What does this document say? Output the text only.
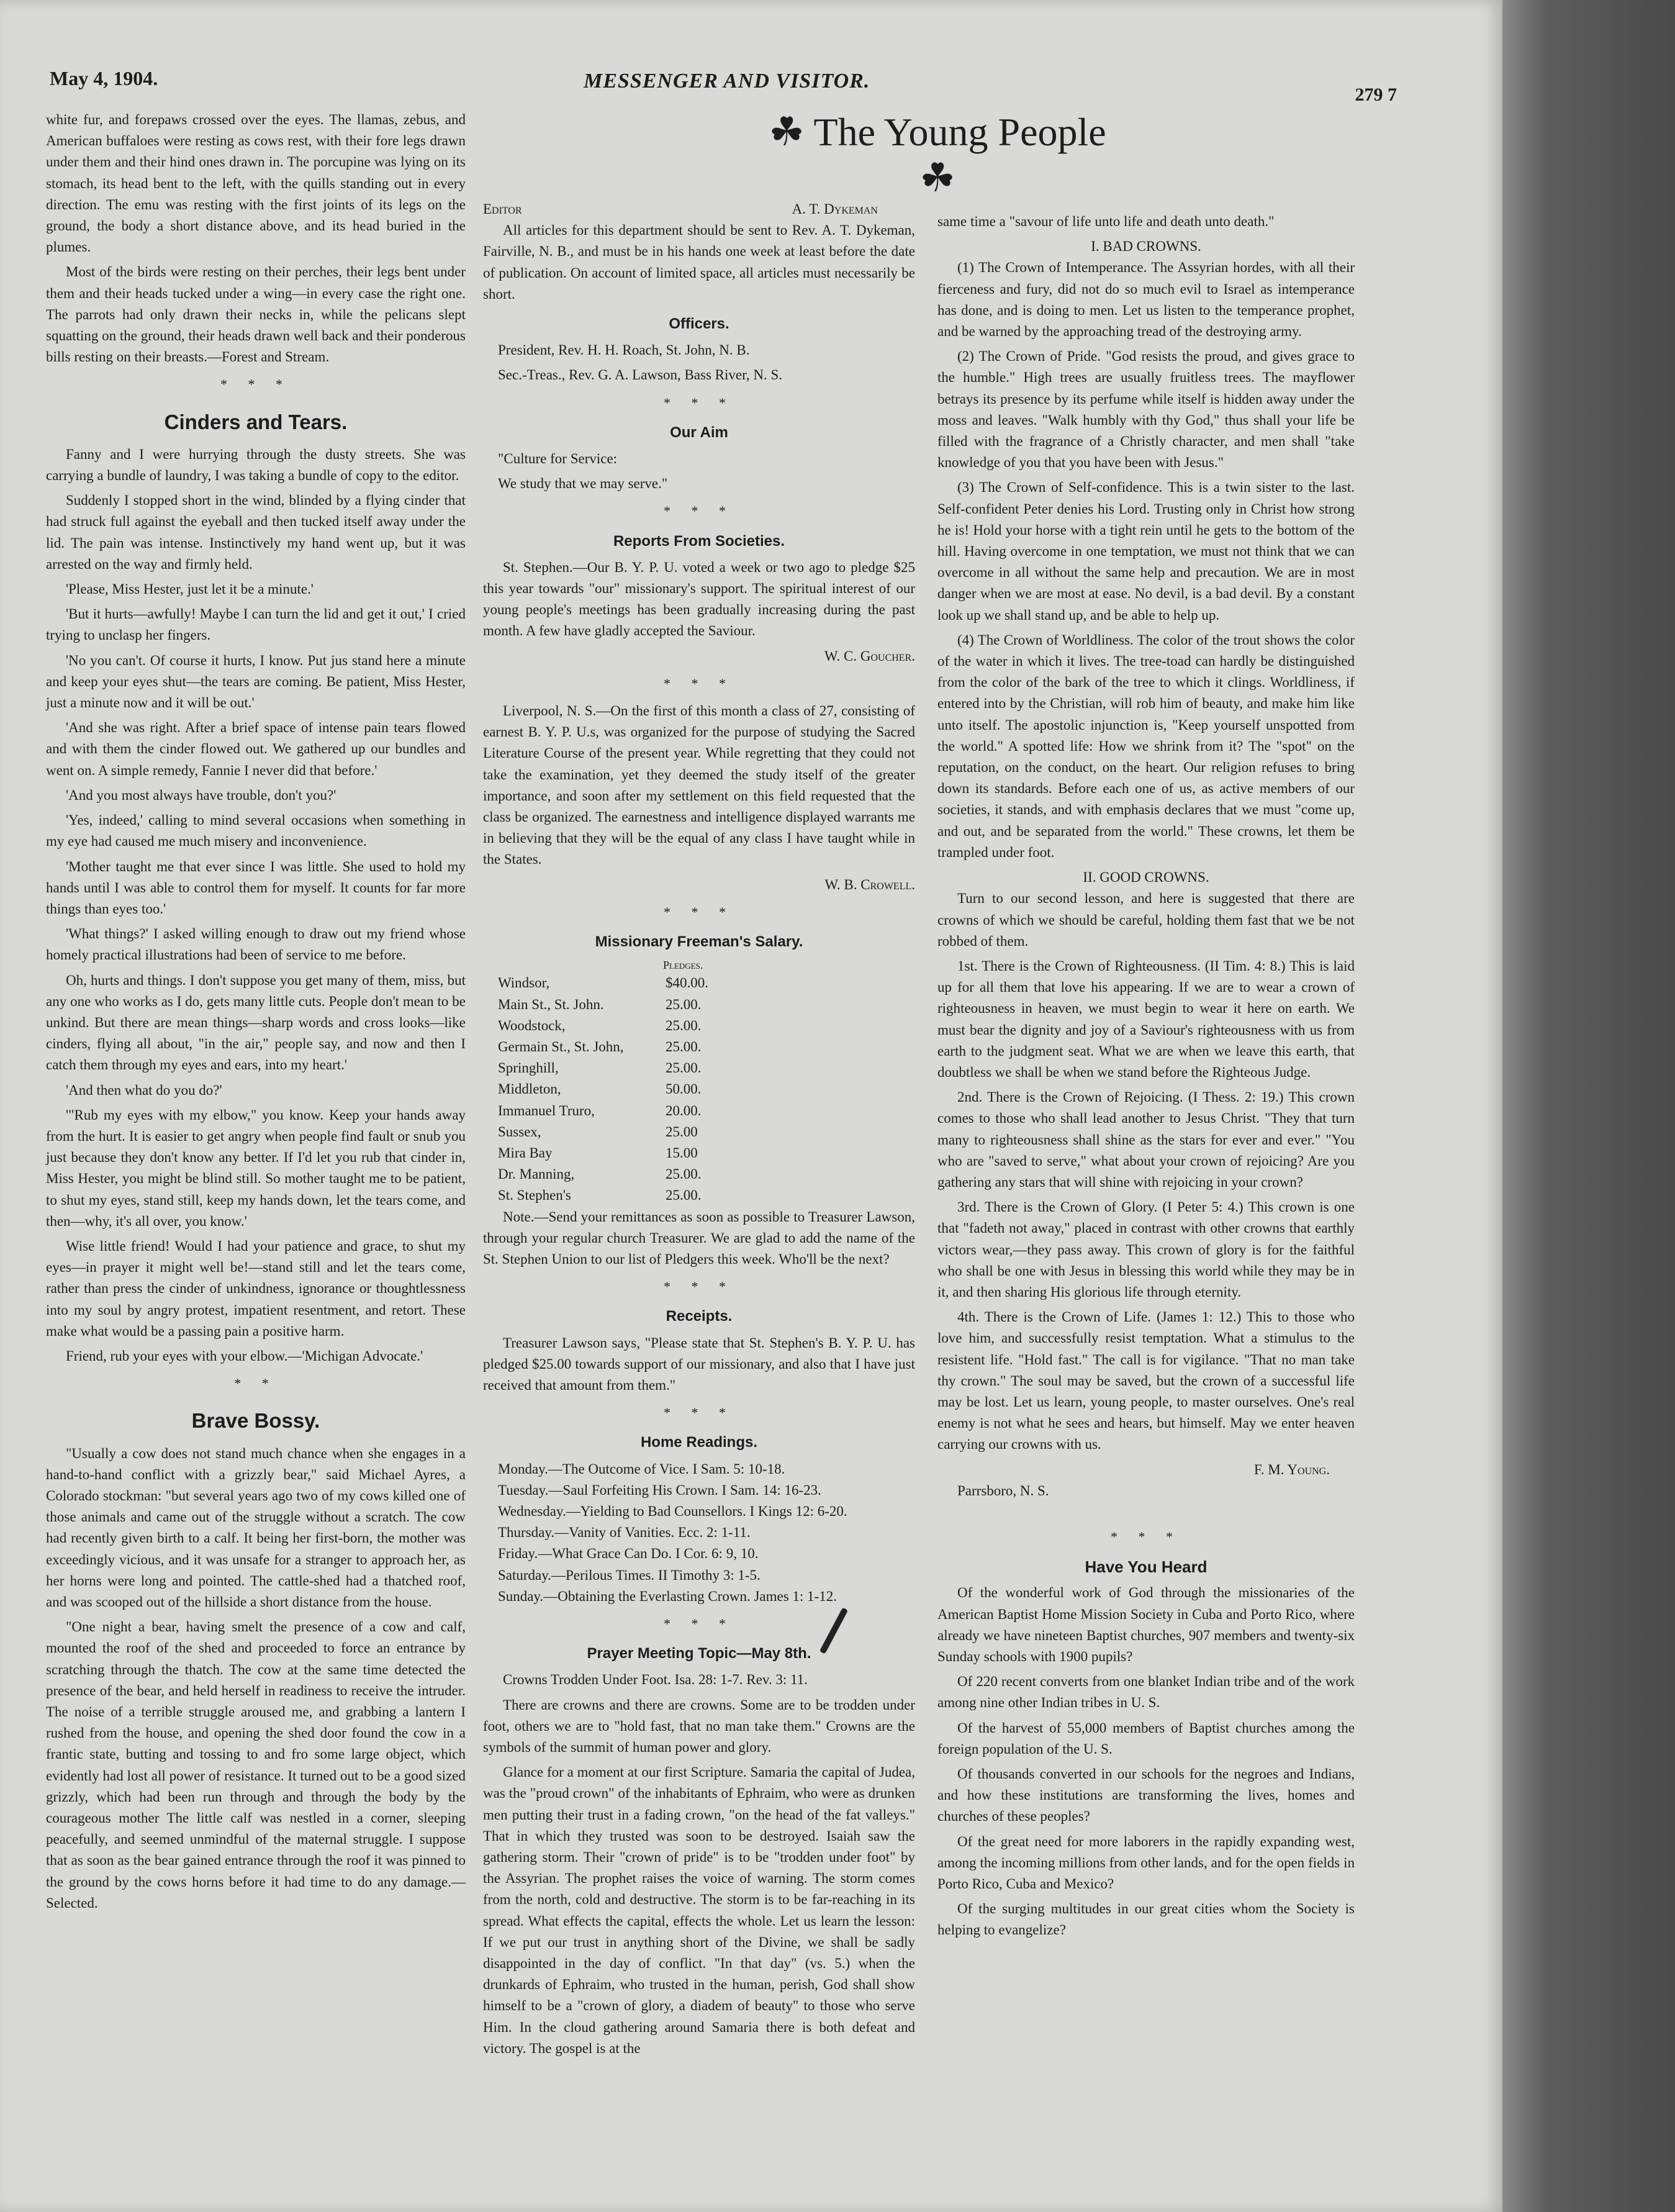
May 4, 1904.	MESSENGER AND VISITOR.
279 7
☘ The Young People ☘

white fur, and forepaws crossed over the eyes. The llamas, zebus, and American buffaloes were resting as cows rest, with their fore legs drawn under them and their hind ones drawn in. The porcupine was lying on its stomach, its head bent to the left, with the quills standing out in every direction. The emu was resting with the first joints of its legs on the ground, the body a short distance above, and its head buried in the plumes.

Most of the birds were resting on their perches, their legs bent under them and their heads tucked under a wing—in every case the right one. The parrots had only drawn their necks in, while the pelicans slept squatting on the ground, their heads drawn well back and their ponderous bills resting on their breasts.—Forest and Stream.

* * *
Cinders and Tears.

Fanny and I were hurrying through the dusty streets. She was carrying a bundle of laundry, I was taking a bundle of copy to the editor.

Suddenly I stopped short in the wind, blinded by a flying cinder that had struck full against the eyeball and then tucked itself away under the lid. The pain was intense. Instinctively my hand went up, but it was arrested on the way and firmly held.

'Please, Miss Hester, just let it be a minute.'

'But it hurts—awfully! Maybe I can turn the lid and get it out,' I cried trying to unclasp her fingers.

'No you can't. Of course it hurts, I know. Put jus stand here a minute and keep your eyes shut—the tears are coming. Be patient, Miss Hester, just a minute now and it will be out.'

'And she was right. After a brief space of intense pain tears flowed and with them the cinder flowed out. We gathered up our bundles and went on. A simple remedy, Fannie I never did that before.'

'And you most always have trouble, don't you?'

'Yes, indeed,' calling to mind several occasions when something in my eye had caused me much misery and inconvenience.

'Mother taught me that ever since I was little. She used to hold my hands until I was able to control them for myself. It counts for far more things than eyes too.'

'What things?' I asked willing enough to draw out my friend whose homely practical illustrations had been of service to me before.

Oh, hurts and things. I don't suppose you get many of them, miss, but any one who works as I do, gets many little cuts. People don't mean to be unkind. But there are mean things—sharp words and cross looks—like cinders, flying all about, "in the air," people say, and now and then I catch them through my eyes and ears, into my heart.'

'And then what do you do?'

'"Rub my eyes with my elbow," you know. Keep your hands away from the hurt. It is easier to get angry when people find fault or snub you just because they don't know any better. If I'd let you rub that cinder in, Miss Hester, you might be blind still. So mother taught me to be patient, to shut my eyes, stand still, keep my hands down, let the tears come, and then—why, it's all over, you know.'

Wise little friend! Would I had your patience and grace, to shut my eyes—in prayer it might well be!—stand still and let the tears come, rather than press the cinder of unkindness, ignorance or thoughtlessness into my soul by angry protest, impatient resentment, and retort. These make what would be a passing pain a positive harm.

Friend, rub your eyes with your elbow.—'Michigan Advocate.'

* *
Brave Bossy.

"Usually a cow does not stand much chance when she engages in a hand-to-hand conflict with a grizzly bear," said Michael Ayres, a Colorado stockman: "but several years ago two of my cows killed one of those animals and came out of the struggle without a scratch. The cow had recently given birth to a calf. It being her first-born, the mother was exceedingly vicious, and it was unsafe for a stranger to approach her, as her horns were long and pointed. The cattle-shed had a thatched roof, and was scooped out of the hillside a short distance from the house.

"One night a bear, having smelt the presence of a cow and calf, mounted the roof of the shed and proceeded to force an entrance by scratching through the thatch. The cow at the same time detected the presence of the bear, and held herself in readiness to receive the intruder. The noise of a terrible struggle aroused me, and grabbing a lantern I rushed from the house, and opening the shed door found the cow in a frantic state, butting and tossing to and fro some large object, which evidently had lost all power of resistance. It turned out to be a good sized grizzly, which had been run through and through the body by the courageous mother The little calf was nestled in a corner, sleeping peacefully, and seemed unmindful of the maternal struggle. I suppose that as soon as the bear gained entrance through the roof it was pinned to the ground by the cows horns before it had time to do any damage.—Selected.

Editor	A. T. Dykeman

All articles for this department should be sent to Rev. A. T. Dykeman, Fairville, N. B., and must be in his hands one week at least before the date of publication. On account of limited space, all articles must necessarily be short.

Officers.

President, Rev. H. H. Roach, St. John, N. B.

Sec.-Treas., Rev. G. A. Lawson, Bass River, N. S.

* * *
Our Aim

"Culture for Service:

We study that we may serve."

* * *
Reports From Societies.

St. Stephen.—Our B. Y. P. U. voted a week or two ago to pledge $25 this year towards "our" missionary's support. The spiritual interest of our young people's meetings has been gradually increasing during the past month. A few have gladly accepted the Saviour.

W. C. Goucher.
* * *

Liverpool, N. S.—On the first of this month a class of 27, consisting of earnest B. Y. P. U.s, was organized for the purpose of studying the Sacred Literature Course of the present year. While regretting that they could not take the examination, yet they deemed the study itself of the greater importance, and soon after my settlement on this field requested that the class be organized. The earnestness and intelligence displayed warrants me in believing that they will be the equal of any class I have taught while in the States.

W. B. Crowell.
* * *
Missionary Freeman's Salary.
Pledges.
Windsor,	$40.00.
Main St., St. John.	25.00.
Woodstock,	25.00.
Germain St., St. John,	25.00.
Springhill,	25.00.
Middleton,	50.00.
Immanuel Truro,	20.00.
Sussex,	25.00
Mira Bay	15.00
Dr. Manning,	25.00.
St. Stephen's	25.00.

Note.—Send your remittances as soon as possible to Treasurer Lawson, through your regular church Treasurer. We are glad to add the name of the St. Stephen Union to our list of Pledgers this week. Who'll be the next?

* * *
Receipts.

Treasurer Lawson says, "Please state that St. Stephen's B. Y. P. U. has pledged $25.00 towards support of our missionary, and also that I have just received that amount from them."

* * *
Home Readings.

Monday.—The Outcome of Vice. I Sam. 5: 10-18.

Tuesday.—Saul Forfeiting His Crown. I Sam. 14: 16-23.

Wednesday.—Yielding to Bad Counsellors. I Kings 12: 6-20.

Thursday.—Vanity of Vanities. Ecc. 2: 1-11.

Friday.—What Grace Can Do. I Cor. 6: 9, 10.

Saturday.—Perilous Times. II Timothy 3: 1-5.

Sunday.—Obtaining the Everlasting Crown. James 1: 1-12.

* * *
Prayer Meeting Topic—May 8th.

Crowns Trodden Under Foot. Isa. 28: 1-7. Rev. 3: 11.

There are crowns and there are crowns. Some are to be trodden under foot, others we are to "hold fast, that no man take them." Crowns are the symbols of the summit of human power and glory.

Glance for a moment at our first Scripture. Samaria the capital of Judea, was the "proud crown" of the inhabitants of Ephraim, who were as drunken men putting their trust in a fading crown, "on the head of the fat valleys." That in which they trusted was soon to be destroyed. Isaiah saw the gathering storm. Their "crown of pride" is to be "trodden under foot" by the Assyrian. The prophet raises the voice of warning. The storm comes from the north, cold and destructive. The storm is to be far-reaching in its spread. What effects the capital, effects the whole. Let us learn the lesson: If we put our trust in anything short of the Divine, we shall be sadly disappointed in the day of conflict. "In that day" (vs. 5.) when the drunkards of Ephraim, who trusted in the human, perish, God shall show himself to be a "crown of glory, a diadem of beauty" to those who serve Him. In the cloud gathering around Samaria there is both defeat and victory. The gospel is at the

same time a "savour of life unto life and death unto death."

I. BAD CROWNS.

(1) The Crown of Intemperance. The Assyrian hordes, with all their fierceness and fury, did not do so much evil to Israel as intemperance has done, and is doing to men. Let us listen to the temperance prophet, and be warned by the approaching tread of the destroying army.

(2) The Crown of Pride. "God resists the proud, and gives grace to the humble." High trees are usually fruitless trees. The mayflower betrays its presence by its perfume while itself is hidden away under the moss and leaves. "Walk humbly with thy God," thus shall your life be filled with the fragrance of a Christly character, and men shall "take knowledge of you that you have been with Jesus."

(3) The Crown of Self-confidence. This is a twin sister to the last. Self-confident Peter denies his Lord. Trusting only in Christ how strong he is! Hold your horse with a tight rein until he gets to the bottom of the hill. Having overcome in one temptation, we must not think that we can overcome in all without the same help and precaution. We are in most danger when we are most at ease. No devil, is a bad devil. By a constant look up we shall stand up, and be able to help up.

(4) The Crown of Worldliness. The color of the trout shows the color of the water in which it lives. The tree-toad can hardly be distinguished from the color of the bark of the tree to which it clings. Worldliness, if entered into by the Christian, will rob him of beauty, and make him like unto itself. The apostolic injunction is, "Keep yourself unspotted from the world." A spotted life: How we shrink from it? The "spot" on the reputation, on the conduct, on the heart. Our religion refuses to bring down its standards. Before each one of us, as active members of our societies, it stands, and with emphasis declares that we must "come up, and out, and be separated from the world." These crowns, let them be trampled under foot.

II. GOOD CROWNS.

Turn to our second lesson, and here is suggested that there are crowns of which we should be careful, holding them fast that we be not robbed of them.

1st. There is the Crown of Righteousness. (II Tim. 4: 8.) This is laid up for all them that love his appearing. If we are to wear a crown of righteousness in heaven, we must begin to wear it here on earth. We must bear the dignity and joy of a Saviour's righteousness with us from earth to the judgment seat. What we are when we leave this earth, that doubtless we shall be when we stand before the Righteous Judge.

2nd. There is the Crown of Rejoicing. (I Thess. 2: 19.) This crown comes to those who shall lead another to Jesus Christ. "They that turn many to righteousness shall shine as the stars for ever and ever." "You who are "saved to serve," what about your crown of rejoicing? Are you gathering any stars that will shine with rejoicing in your crown?

3rd. There is the Crown of Glory. (I Peter 5: 4.) This crown is one that "fadeth not away," placed in contrast with other crowns that earthly victors wear,—they pass away. This crown of glory is for the faithful who shall be one with Jesus in blessing this world while they may be in it, and then sharing His glorious life through eternity.

4th. There is the Crown of Life. (James 1: 12.) This to those who love him, and successfully resist temptation. What a stimulus to the resistent life. "Hold fast." The call is for vigilance. "That no man take thy crown." The soul may be saved, but the crown of a successful life may be lost. Let us learn, young people, to master ourselves. One's real enemy is not what he sees and hears, but himself. May we enter heaven carrying our crowns with us.

F. M. Young.
Parrsboro, N. S.
* * *
Have You Heard

Of the wonderful work of God through the missionaries of the American Baptist Home Mission Society in Cuba and Porto Rico, where already we have nineteen Baptist churches, 907 members and twenty-six Sunday schools with 1900 pupils?

Of 220 recent converts from one blanket Indian tribe and of the work among nine other Indian tribes in U. S.

Of the harvest of 55,000 members of Baptist churches among the foreign population of the U. S.

Of thousands converted in our schools for the negroes and Indians, and how these institutions are transforming the lives, homes and churches of these peoples?

Of the great need for more laborers in the rapidly expanding west, among the incoming millions from other lands, and for the open fields in Porto Rico, Cuba and Mexico?

Of the surging multitudes in our great cities whom the Society is helping to evangelize?
